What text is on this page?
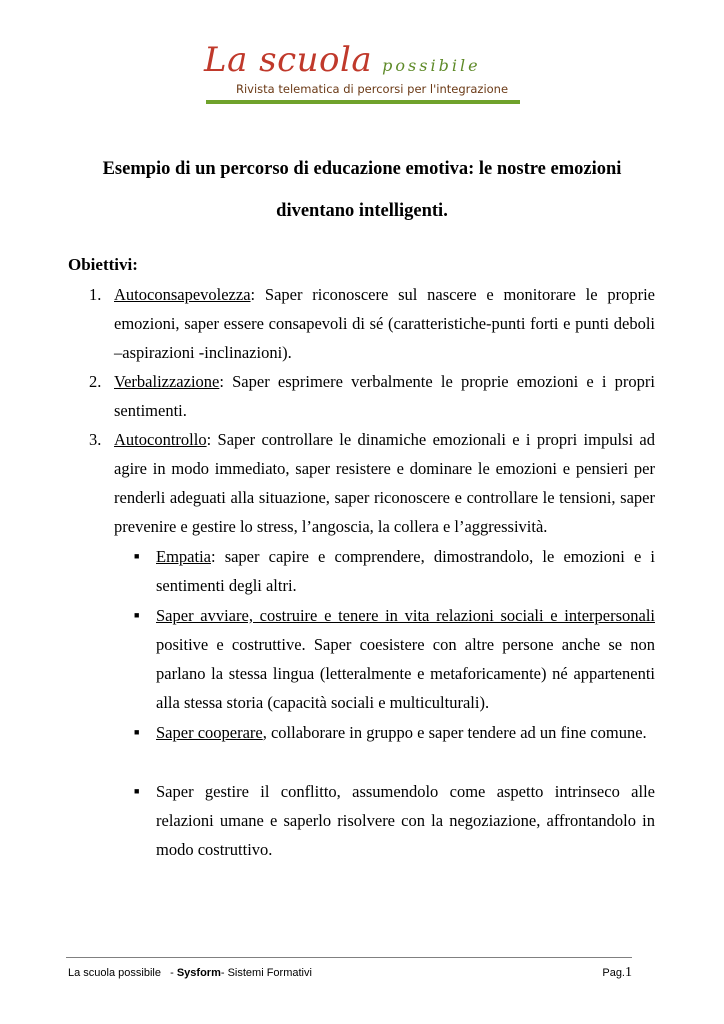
La scuola possibile
Rivista telematica di percorsi per l'integrazione
Esempio di un percorso di educazione emotiva: le nostre emozioni diventano intelligenti.
Obiettivi:
1. Autoconsapevolezza: Saper riconoscere sul nascere e monitorare le proprie emozioni, saper essere consapevoli di sé (caratteristiche-punti forti e punti deboli –aspirazioni -inclinazioni).
2. Verbalizzazione: Saper esprimere verbalmente le proprie emozioni e i propri sentimenti.
3. Autocontrollo: Saper controllare le dinamiche emozionali e i propri impulsi ad agire in modo immediato, saper resistere e dominare le emozioni e pensieri per renderli adeguati alla situazione, saper riconoscere e controllare le tensioni, saper prevenire e gestire lo stress, l’angoscia, la collera e l’aggressività.
■ Empatia: saper capire e comprendere, dimostrandolo, le emozioni e i sentimenti degli altri.
■ Saper avviare, costruire e tenere in vita relazioni sociali e interpersonali positive e costruttive. Saper coesistere con altre persone anche se non parlano la stessa lingua (letteralmente e metaforicamente) né appartenenti alla stessa storia (capacità sociali e multiculturali).
■ Saper cooperare, collaborare in gruppo e saper tendere ad un fine comune.
■ Saper gestire il conflitto, assumendolo come aspetto intrinseco alle relazioni umane e saperlo risolvere con la negoziazione, affrontandolo in modo costruttivo.
La scuola possibile   - Sysform- Sistemi Formativi	Pag.1
